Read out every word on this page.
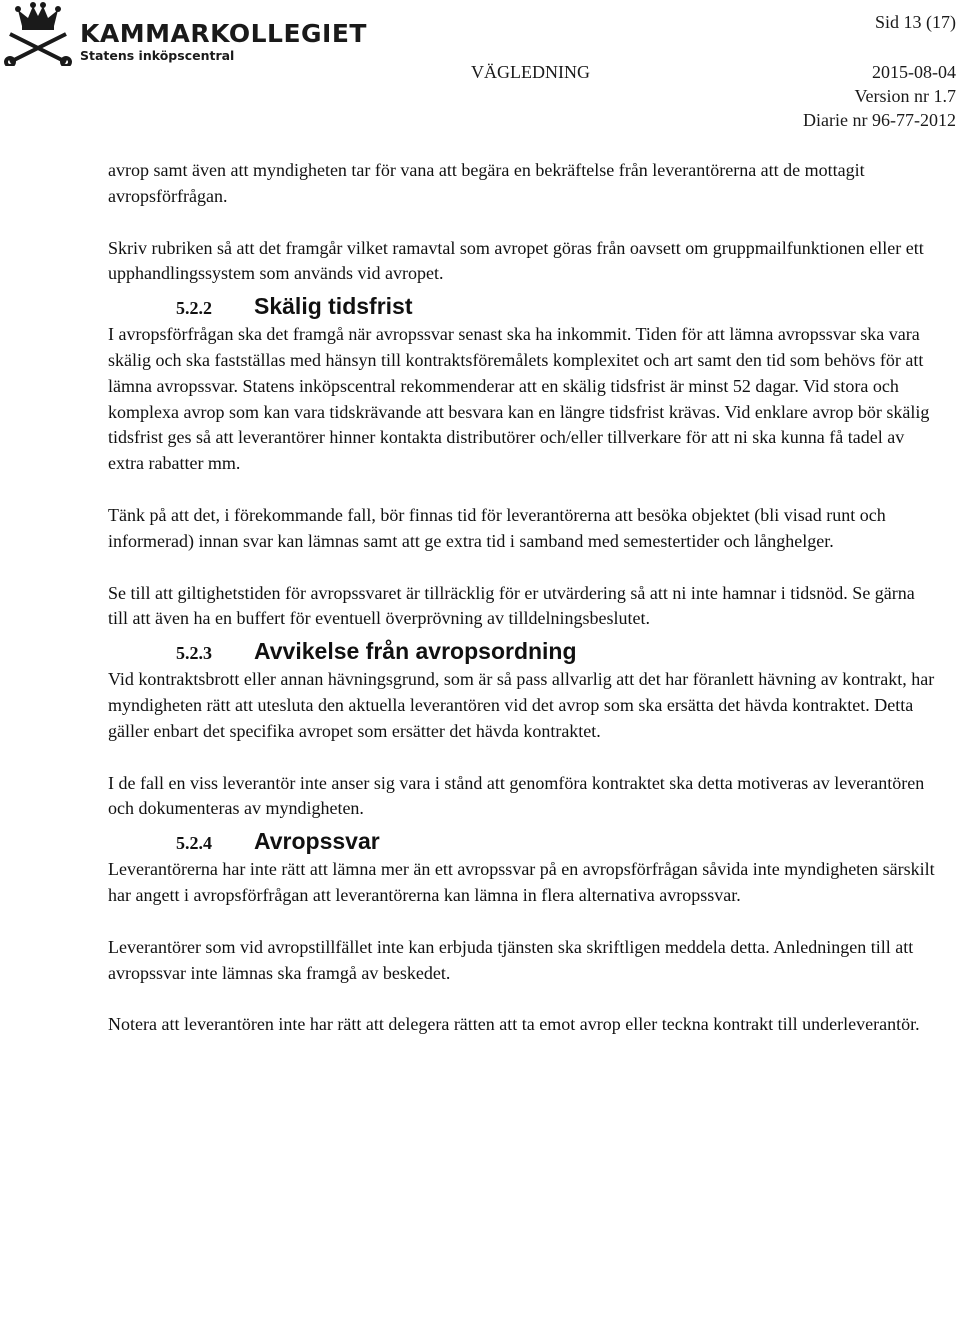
KAMMARKOLLEGIET
Statens inköpscentral
Sid 13 (17)
VÄGLEDNING	2015-08-04
Version nr 1.7
Diarie nr 96-77-2012

avrop samt även att myndigheten tar för vana att begära en bekräftelse från leverantörerna att de mottagit avropsförfrågan.

Skriv rubriken så att det framgår vilket ramavtal som avropet göras från oavsett om gruppmailfunktionen eller ett upphandlingssystem som används vid avropet.

5.2.2	Skälig tidsfrist

I avropsförfrågan ska det framgå när avropssvar senast ska ha inkommit. Tiden för att lämna avropssvar ska vara skälig och ska fastställas med hänsyn till kontraktsföremålets komplexitet och art samt den tid som behövs för att lämna avropssvar. Statens inköpscentral rekommenderar att en skälig tidsfrist är minst 52 dagar. Vid stora och komplexa avrop som kan vara tidskrävande att besvara kan en längre tidsfrist krävas. Vid enklare avrop bör skälig tidsfrist ges så att leverantörer hinner kontakta distributörer och/eller tillverkare för att ni ska kunna få tadel av extra rabatter mm.

Tänk på att det, i förekommande fall, bör finnas tid för leverantörerna att besöka objektet (bli visad runt och informerad) innan svar kan lämnas samt att ge extra tid i samband med semestertider och långhelger.

Se till att giltighetstiden för avropssvaret är tillräcklig för er utvärdering så att ni inte hamnar i tidsnöd. Se gärna till att även ha en buffert för eventuell överprövning av tilldelningsbeslutet.

5.2.3	Avvikelse från avropsordning

Vid kontraktsbrott eller annan hävningsgrund, som är så pass allvarlig att det har föranlett hävning av kontrakt, har myndigheten rätt att utesluta den aktuella leverantören vid det avrop som ska ersätta det hävda kontraktet. Detta gäller enbart det specifika avropet som ersätter det hävda kontraktet.

I de fall en viss leverantör inte anser sig vara i stånd att genomföra kontraktet ska detta motiveras av leverantören och dokumenteras av myndigheten.

5.2.4	Avropssvar

Leverantörerna har inte rätt att lämna mer än ett avropssvar på en avropsförfrågan såvida inte myndigheten särskilt har angett i avropsförfrågan att leverantörerna kan lämna in flera alternativa avropssvar.

Leverantörer som vid avropstillfället inte kan erbjuda tjänsten ska skriftligen meddela detta. Anledningen till att avropssvar inte lämnas ska framgå av beskedet.

Notera att leverantören inte har rätt att delegera rätten att ta emot avrop eller teckna kontrakt till underleverantör.
